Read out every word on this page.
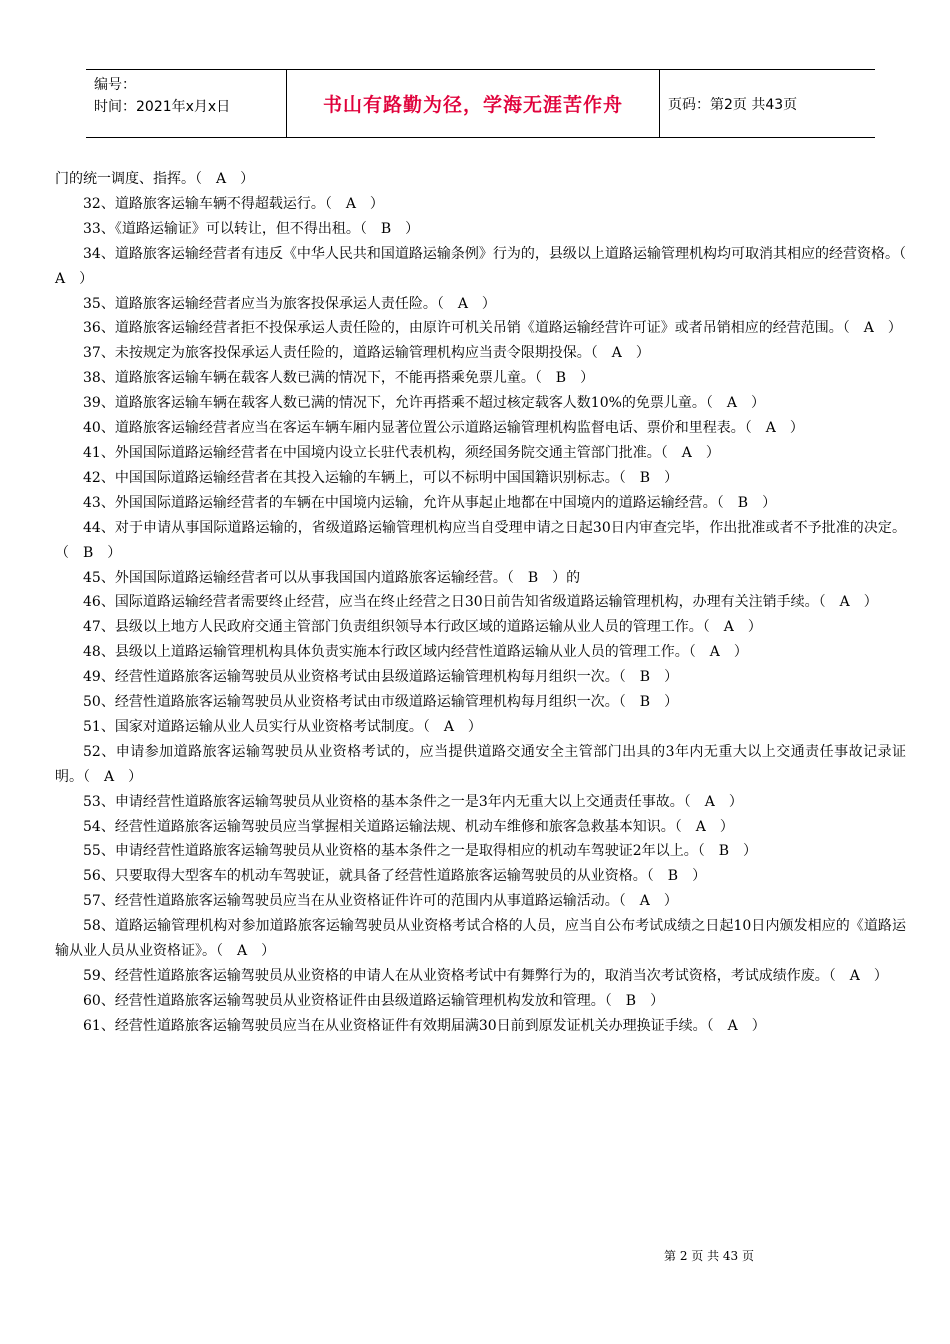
编号：
时间：2021年x月x日	书山有路勤为径，学海无涯苦作舟	页码：第2页 共43页

门的统一调度、指挥。（　A　）

32、道路旅客运输车辆不得超载运行。（　A　）

33、《道路运输证》可以转让，但不得出租。（　B　）

34、道路旅客运输经营者有违反《中华人民共和国道路运输条例》行为的，县级以上道路运输管理机构均可取消其相应的经营资格。（　A　）

35、道路旅客运输经营者应当为旅客投保承运人责任险。（　A　）

36、道路旅客运输经营者拒不投保承运人责任险的，由原许可机关吊销《道路运输经营许可证》或者吊销相应的经营范围。（　A　）

37、未按规定为旅客投保承运人责任险的，道路运输管理机构应当责令限期投保。（　A　）

38、道路旅客运输车辆在载客人数已满的情况下，不能再搭乘免票儿童。（　B　）

39、道路旅客运输车辆在载客人数已满的情况下，允许再搭乘不超过核定载客人数10%的免票儿童。（　A　）

40、道路旅客运输经营者应当在客运车辆车厢内显著位置公示道路运输管理机构监督电话、票价和里程表。（　A　）

41、外国国际道路运输经营者在中国境内设立长驻代表机构，须经国务院交通主管部门批准。（　A　）

42、中国国际道路运输经营者在其投入运输的车辆上，可以不标明中国国籍识别标志。（　B　）

43、外国国际道路运输经营者的车辆在中国境内运输，允许从事起止地都在中国境内的道路运输经营。（　B　）

44、对于申请从事国际道路运输的，省级道路运输管理机构应当自受理申请之日起30日内审查完毕，作出批准或者不予批准的决定。（　B　）

45、外国国际道路运输经营者可以从事我国国内道路旅客运输经营。（　B　）的

46、国际道路运输经营者需要终止经营，应当在终止经营之日30日前告知省级道路运输管理机构，办理有关注销手续。（　A　）

47、县级以上地方人民政府交通主管部门负责组织领导本行政区域的道路运输从业人员的管理工作。（　A　）

48、县级以上道路运输管理机构具体负责实施本行政区域内经营性道路运输从业人员的管理工作。（　A　）

49、经营性道路旅客运输驾驶员从业资格考试由县级道路运输管理机构每月组织一次。（　B　）

50、经营性道路旅客运输驾驶员从业资格考试由市级道路运输管理机构每月组织一次。（　B　）

51、国家对道路运输从业人员实行从业资格考试制度。（　A　）

52、申请参加道路旅客运输驾驶员从业资格考试的，应当提供道路交通安全主管部门出具的3年内无重大以上交通责任事故记录证明。（　A　）

53、申请经营性道路旅客运输驾驶员从业资格的基本条件之一是3年内无重大以上交通责任事故。（　A　）

54、经营性道路旅客运输驾驶员应当掌握相关道路运输法规、机动车维修和旅客急救基本知识。（　A　）

55、申请经营性道路旅客运输驾驶员从业资格的基本条件之一是取得相应的机动车驾驶证2年以上。（　B　）

56、只要取得大型客车的机动车驾驶证，就具备了经营性道路旅客运输驾驶员的从业资格。（　B　）

57、经营性道路旅客运输驾驶员应当在从业资格证件许可的范围内从事道路运输活动。（　A　）

58、道路运输管理机构对参加道路旅客运输驾驶员从业资格考试合格的人员，应当自公布考试成绩之日起10日内颁发相应的《道路运输从业人员从业资格证》。（　A　）

59、经营性道路旅客运输驾驶员从业资格的申请人在从业资格考试中有舞弊行为的，取消当次考试资格，考试成绩作废。（　A　）

60、经营性道路旅客运输驾驶员从业资格证件由县级道路运输管理机构发放和管理。（　B　）

61、经营性道路旅客运输驾驶员应当在从业资格证件有效期届满30日前到原发证机关办理换证手续。（　A　）

第 2 页 共 43 页
